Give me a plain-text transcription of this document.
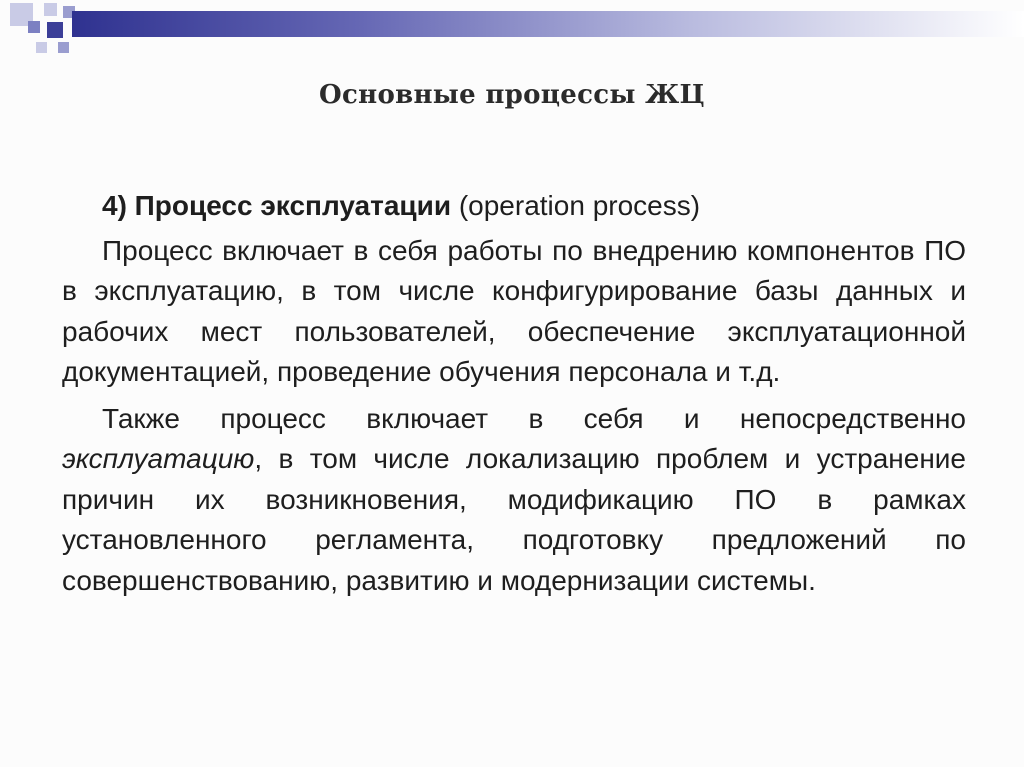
Основные процессы ЖЦ

4) Процесс эксплуатации (operation process)

Процесс включает в себя работы по внедрению компонентов ПО в эксплуатацию, в том числе конфигурирование базы данных и рабочих мест пользователей, обеспечение эксплуатационной документацией, проведение обучения персонала и т.д.

Также процесс включает в себя и непосредственно эксплуатацию, в том числе локализацию проблем и устранение причин их возникновения, модификацию ПО в рамках установленного регламента, подготовку предложений по совершенствованию, развитию и модернизации системы.
